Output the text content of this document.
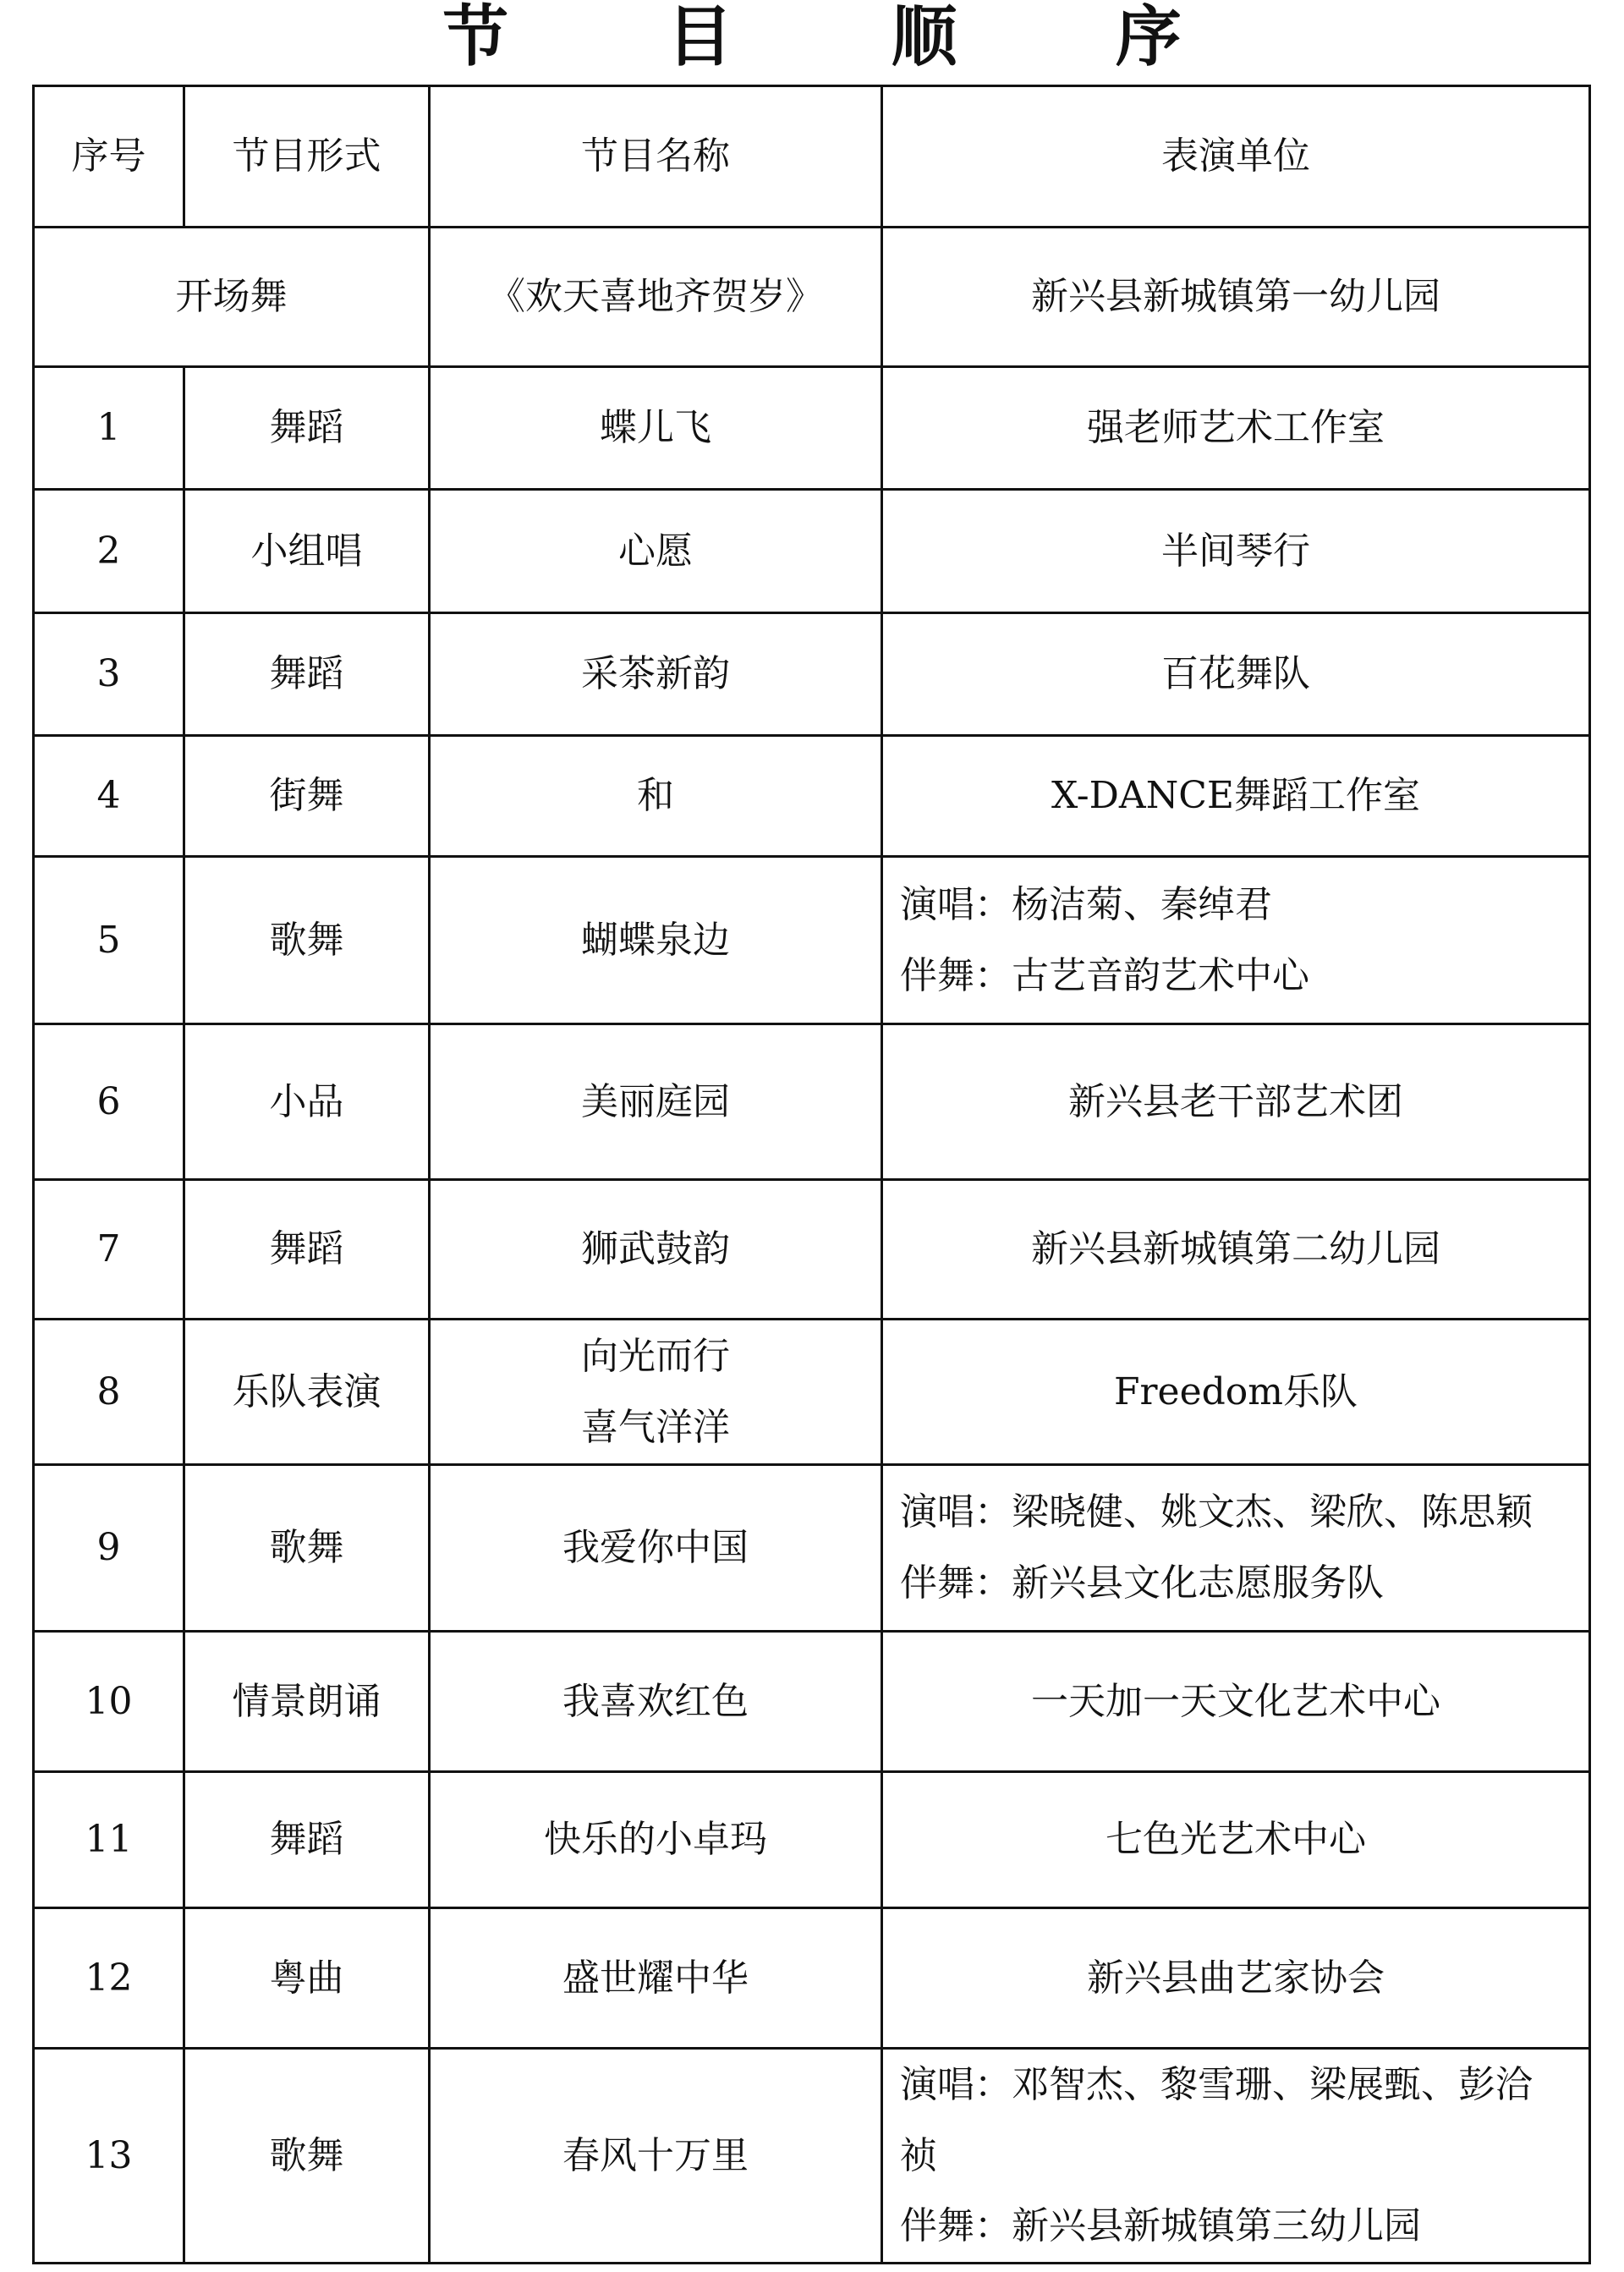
节 目 顺 序
序号	节目形式	节目名称	表演单位
开场舞		《欢天喜地齐贺岁》	新兴县新城镇第一幼儿园
1	舞蹈	蝶儿飞	强老师艺术工作室

2	小组唱	心愿	半间琴行

3	舞蹈	采茶新韵	百花舞队

4	街舞	和	X-DANCE舞蹈工作室

5	歌舞	蝴蝶泉边	演唱：杨洁菊、秦绰君
伴舞：古艺音韵艺术中心

6	小品	美丽庭园	新兴县老干部艺术团

7	舞蹈	狮武鼓韵	新兴县新城镇第二幼儿园

8	乐队表演	向光而行
喜气洋洋	Freedom乐队

9	歌舞	我爱你中国	演唱：梁晓健、姚文杰、梁欣、陈思颖
伴舞：新兴县文化志愿服务队

10	情景朗诵	我喜欢红色	一天加一天文化艺术中心

11	舞蹈	快乐的小卓玛	七色光艺术中心

12	粤曲	盛世耀中华	新兴县曲艺家协会

13	歌舞	春风十万里	演唱：邓智杰、黎雪珊、梁展甄、彭洽
祯
伴舞：新兴县新城镇第三幼儿园
